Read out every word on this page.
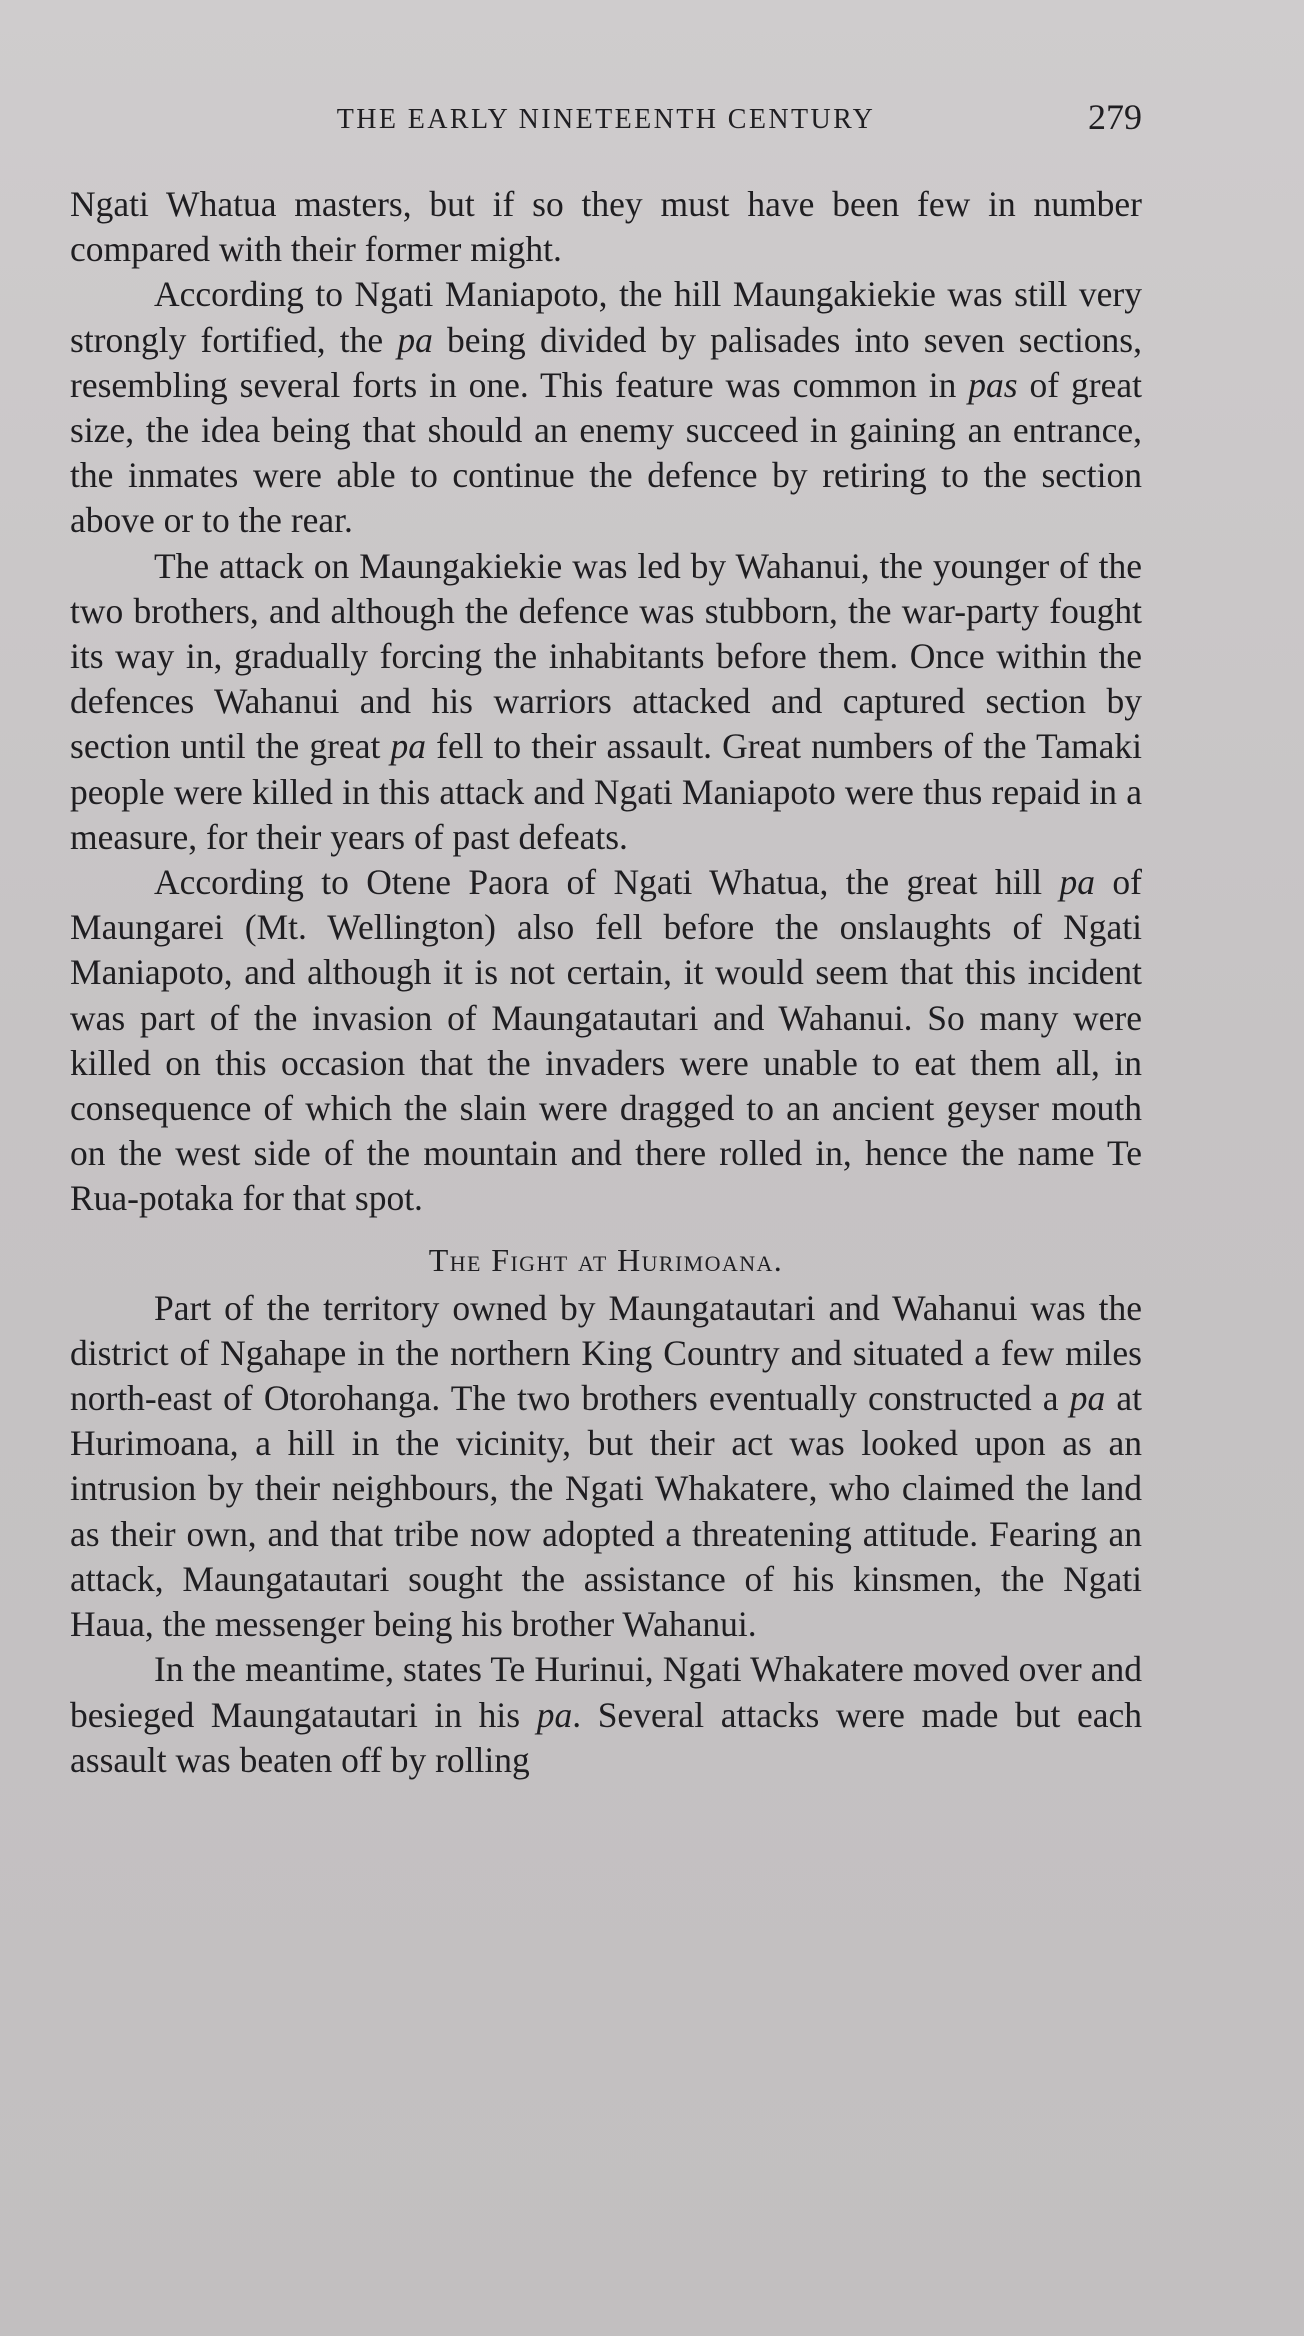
THE EARLY NINETEENTH CENTURY	279

Ngati Whatua masters, but if so they must have been few in number compared with their former might.

According to Ngati Maniapoto, the hill Maungakiekie was still very strongly fortified, the pa being divided by palisades into seven sections, resembling several forts in one. This feature was common in pas of great size, the idea being that should an enemy succeed in gaining an entrance, the inmates were able to continue the defence by retiring to the section above or to the rear.

The attack on Maungakiekie was led by Wahanui, the younger of the two brothers, and although the defence was stubborn, the war-party fought its way in, gradually forcing the inhabitants before them. Once within the defences Wahanui and his warriors attacked and captured section by section until the great pa fell to their assault. Great numbers of the Tamaki people were killed in this attack and Ngati Maniapoto were thus repaid in a measure, for their years of past defeats.

According to Otene Paora of Ngati Whatua, the great hill pa of Maungarei (Mt. Wellington) also fell before the onslaughts of Ngati Maniapoto, and although it is not certain, it would seem that this incident was part of the invasion of Maungatautari and Wahanui. So many were killed on this occasion that the invaders were unable to eat them all, in consequence of which the slain were dragged to an ancient geyser mouth on the west side of the mountain and there rolled in, hence the name Te Rua-potaka for that spot.

The Fight at Hurimoana.

Part of the territory owned by Maungatautari and Wahanui was the district of Ngahape in the northern King Country and situated a few miles north-east of Otorohanga. The two brothers eventually constructed a pa at Hurimoana, a hill in the vicinity, but their act was looked upon as an intrusion by their neighbours, the Ngati Whakatere, who claimed the land as their own, and that tribe now adopted a threatening attitude. Fearing an attack, Maungatautari sought the assistance of his kinsmen, the Ngati Haua, the messenger being his brother Wahanui.

In the meantime, states Te Hurinui, Ngati Whakatere moved over and besieged Maungatautari in his pa. Several attacks were made but each assault was beaten off by rolling
